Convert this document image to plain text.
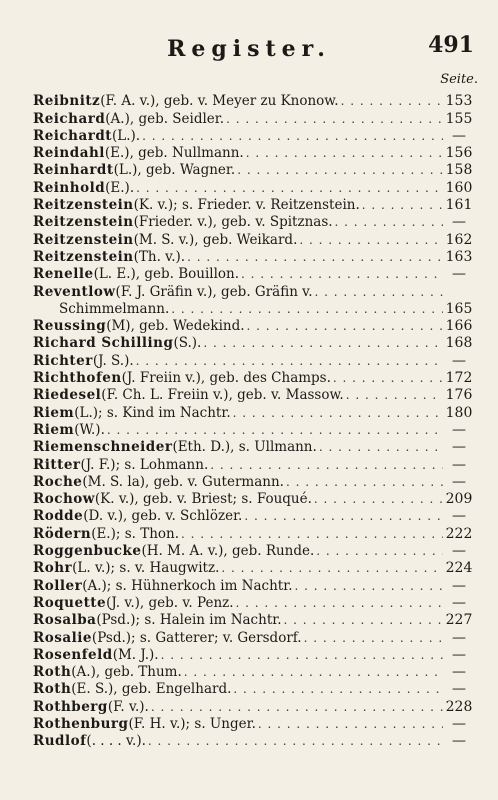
Register.	491
Seite.
Reibnitz (F. A. v.), geb. v. Meyer zu Knonow. . . .	153
Reichard (A.), geb. Seidler. . . .	155
Reichardt (L.). . . .	—
Reindahl (E.), geb. Nullmann. . . .	156
Reinhardt (L.), geb. Wagner. . . .	158
Reinhold (E.). . . .	160
Reitzenstein (K. v.); s. Frieder. v. Reitzenstein. . . .	161
Reitzenstein (Frieder. v.), geb. v. Spitznas. . . .	—
Reitzenstein (M. S. v.), geb. Weikard. . . .	162
Reitzenstein (Th. v.). . . .	163
Renelle (L. E.), geb. Bouillon. . . .	—
Reventlow (F. J. Gräfin v.), geb. Gräfin v.
. . .
Schimmelmann. . . .	165
Reussing (M), geb. Wedekind. . . .	166
Richard Schilling (S.). . . .	168
Richter (J. S.). . . .	—
Richthofen (J. Freiin v.), geb. des Champs. . . .	172
Riedesel (F. Ch. L. Freiin v.), geb. v. Massow. . . .	176
Riem (L.); s. Kind im Nachtr. . . .	180
Riem (W.). . . .	—
Riemenschneider (Eth. D.), s. Ullmann. . . .	—
Ritter (J. F.); s. Lohmann. . . .	—
Roche (M. S. la), geb. v. Gutermann. . . .	—
Rochow (K. v.), geb. v. Briest; s. Fouqué. . . .	209
Rodde (D. v.), geb. v. Schlözer. . . .	—
Rödern (E.); s. Thon. . . .	222
Roggenbucke (H. M. A. v.), geb. Runde. . . .	—
Rohr (L. v.); s. v. Haugwitz. . . .	224
Roller (A.); s. Hühnerkoch im Nachtr. . . .	—
Roquette (J. v.), geb. v. Penz. . . .	—
Rosalba (Psd.); s. Halein im Nachtr. . . .	227
Rosalie (Psd.); s. Gatterer; v. Gersdorf. . . .	—
Rosenfeld (M. J.). . . .	—
Roth (A.), geb. Thum. . . .	—
Roth (E. S.), geb. Engelhard. . . .	—
Rothberg (F. v.). . . .	228
Rothenburg (F. H. v.); s. Unger. . . .	—
Rudlof (. . . . v.). . . .	—
